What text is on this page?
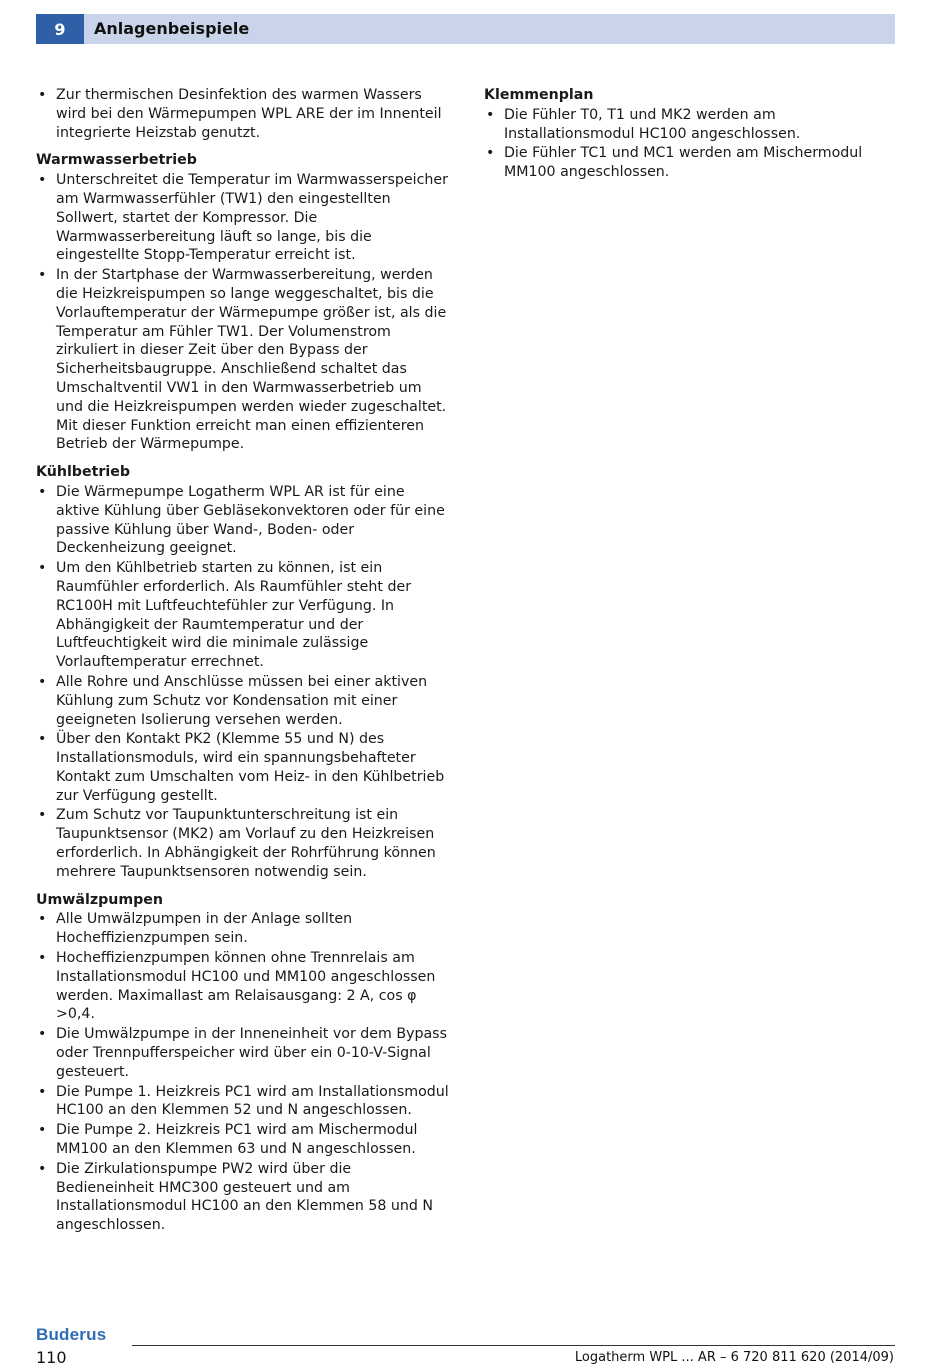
9	Anlagenbeispiele
• Zur thermischen Desinfektion des warmen Wassers wird bei den Wärmepumpen WPL ARE der im Innenteil integrierte Heizstab genutzt.
Warmwasserbetrieb
• Unterschreitet die Temperatur im Warmwasserspeicher am Warmwasserfühler (TW1) den eingestellten Sollwert, startet der Kompressor. Die Warmwasserbereitung läuft so lange, bis die eingestellte Stopp-Temperatur erreicht ist.
• In der Startphase der Warmwasserbereitung, werden die Heizkreispumpen so lange weggeschaltet, bis die Vorlauftemperatur der Wärmepumpe größer ist, als die Temperatur am Fühler TW1. Der Volumenstrom zirkuliert in dieser Zeit über den Bypass der Sicherheitsbaugruppe. Anschließend schaltet das Umschaltventil VW1 in den Warmwasserbetrieb um und die Heizkreispumpen werden wieder zugeschaltet. Mit dieser Funktion erreicht man einen effizienteren Betrieb der Wärmepumpe.
Kühlbetrieb
• Die Wärmepumpe Logatherm WPL AR ist für eine aktive Kühlung über Gebläsekonvektoren oder für eine passive Kühlung über Wand-, Boden- oder Deckenheizung geeignet.
• Um den Kühlbetrieb starten zu können, ist ein Raumfühler erforderlich. Als Raumfühler steht der RC100H mit Luftfeuchtefühler zur Verfügung. In Abhängigkeit der Raumtemperatur und der Luftfeuchtigkeit wird die minimale zulässige Vorlauftemperatur errechnet.
• Alle Rohre und Anschlüsse müssen bei einer aktiven Kühlung zum Schutz vor Kondensation mit einer geeigneten Isolierung versehen werden.
• Über den Kontakt PK2 (Klemme 55 und N) des Installationsmoduls, wird ein spannungsbehafteter Kontakt zum Umschalten vom Heiz- in den Kühlbetrieb zur Verfügung gestellt.
• Zum Schutz vor Taupunktunterschreitung ist ein Taupunktsensor (MK2) am Vorlauf zu den Heizkreisen erforderlich. In Abhängigkeit der Rohrführung können mehrere Taupunktsensoren notwendig sein.
Umwälzpumpen
• Alle Umwälzpumpen in der Anlage sollten Hocheffizienzpumpen sein.
• Hocheffizienzpumpen können ohne Trennrelais am Installationsmodul HC100 und MM100 angeschlossen werden. Maximallast am Relaisausgang: 2 A, cos φ >0,4.
• Die Umwälzpumpe in der Inneneinheit vor dem Bypass oder Trennpufferspeicher wird über ein 0-10-V-Signal gesteuert.
• Die Pumpe 1. Heizkreis PC1 wird am Installationsmodul HC100 an den Klemmen 52 und N angeschlossen.
• Die Pumpe 2. Heizkreis PC1 wird am Mischermodul MM100 an den Klemmen 63 und N angeschlossen.
• Die Zirkulationspumpe PW2 wird über die Bedieneinheit HMC300 gesteuert und am Installationsmodul HC100 an den Klemmen 58 und N angeschlossen.
Klemmenplan
• Die Fühler T0, T1 und MK2 werden am Installationsmodul HC100 angeschlossen.
• Die Fühler TC1 und MC1 werden am Mischermodul MM100 angeschlossen.
Buderus
110	Logatherm WPL ... AR – 6 720 811 620 (2014/09)
